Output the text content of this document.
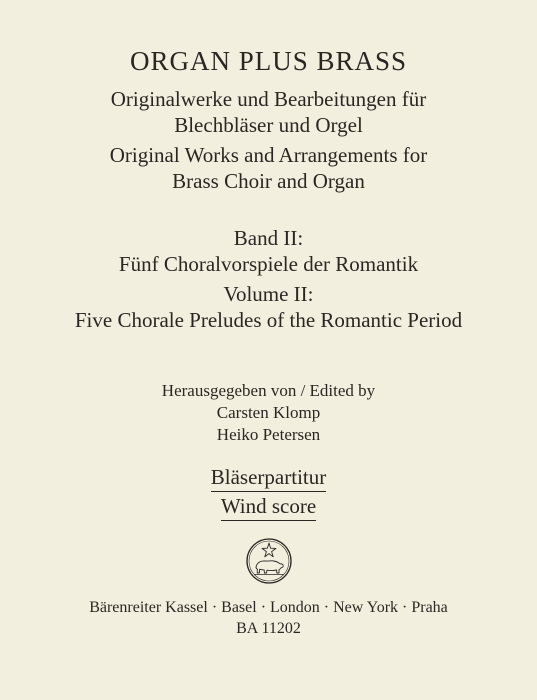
ORGAN PLUS BRASS
Originalwerke und Bearbeitungen für
Blechbläser und Orgel
Original Works and Arrangements for
Brass Choir and Organ
Band II:
Fünf Choralvorspiele der Romantik
Volume II:
Five Chorale Preludes of the Romantic Period
Herausgegeben von / Edited by
Carsten Klomp
Heiko Petersen
Bläserpartitur
Wind score
Bärenreiter Kassel · Basel · London · New York · Praha
BA 11202
